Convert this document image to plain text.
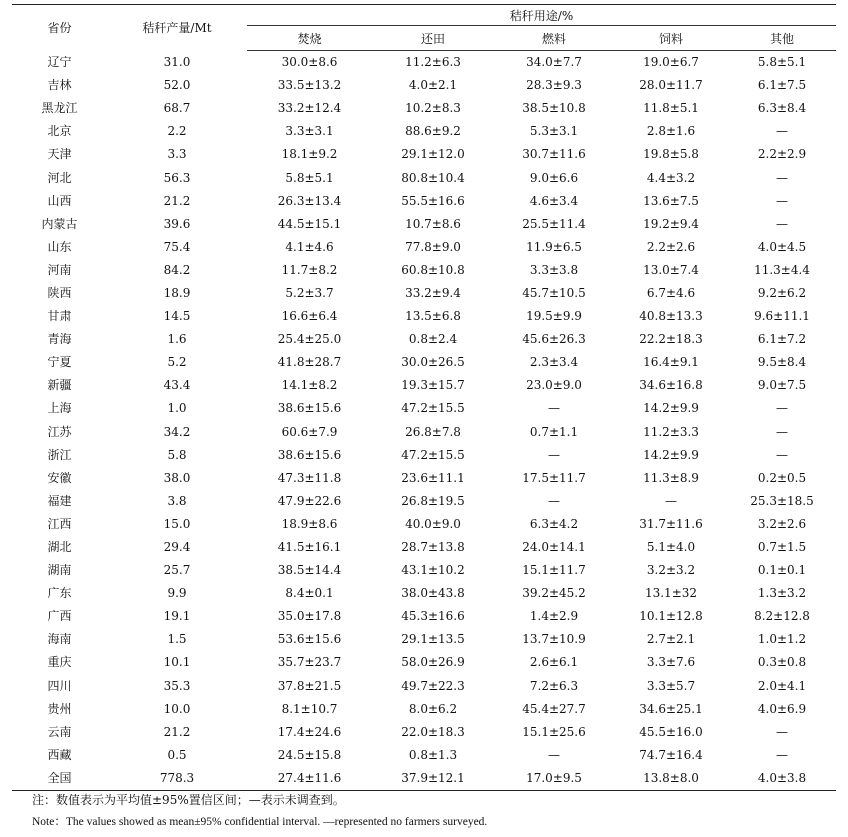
省份	秸秆产量/Mt	秸秆用途/%				
		焚烧	还田	燃料	饲料	其他
辽宁	31.0	30.0±8.6	11.2±6.3	34.0±7.7	19.0±6.7	5.8±5.1
吉林	52.0	33.5±13.2	4.0±2.1	28.3±9.3	28.0±11.7	6.1±7.5
黑龙江	68.7	33.2±12.4	10.2±8.3	38.5±10.8	11.8±5.1	6.3±8.4
北京	2.2	3.3±3.1	88.6±9.2	5.3±3.1	2.8±1.6	—
天津	3.3	18.1±9.2	29.1±12.0	30.7±11.6	19.8±5.8	2.2±2.9
河北	56.3	5.8±5.1	80.8±10.4	9.0±6.6	4.4±3.2	—
山西	21.2	26.3±13.4	55.5±16.6	4.6±3.4	13.6±7.5	—
内蒙古	39.6	44.5±15.1	10.7±8.6	25.5±11.4	19.2±9.4	—
山东	75.4	4.1±4.6	77.8±9.0	11.9±6.5	2.2±2.6	4.0±4.5
河南	84.2	11.7±8.2	60.8±10.8	3.3±3.8	13.0±7.4	11.3±4.4
陕西	18.9	5.2±3.7	33.2±9.4	45.7±10.5	6.7±4.6	9.2±6.2
甘肃	14.5	16.6±6.4	13.5±6.8	19.5±9.9	40.8±13.3	9.6±11.1
青海	1.6	25.4±25.0	0.8±2.4	45.6±26.3	22.2±18.3	6.1±7.2
宁夏	5.2	41.8±28.7	30.0±26.5	2.3±3.4	16.4±9.1	9.5±8.4
新疆	43.4	14.1±8.2	19.3±15.7	23.0±9.0	34.6±16.8	9.0±7.5
上海	1.0	38.6±15.6	47.2±15.5	—	14.2±9.9	—
江苏	34.2	60.6±7.9	26.8±7.8	0.7±1.1	11.2±3.3	—
浙江	5.8	38.6±15.6	47.2±15.5	—	14.2±9.9	—
安徽	38.0	47.3±11.8	23.6±11.1	17.5±11.7	11.3±8.9	0.2±0.5
福建	3.8	47.9±22.6	26.8±19.5	—	—	25.3±18.5
江西	15.0	18.9±8.6	40.0±9.0	6.3±4.2	31.7±11.6	3.2±2.6
湖北	29.4	41.5±16.1	28.7±13.8	24.0±14.1	5.1±4.0	0.7±1.5
湖南	25.7	38.5±14.4	43.1±10.2	15.1±11.7	3.2±3.2	0.1±0.1
广东	9.9	8.4±0.1	38.0±43.8	39.2±45.2	13.1±32	1.3±3.2
广西	19.1	35.0±17.8	45.3±16.6	1.4±2.9	10.1±12.8	8.2±12.8
海南	1.5	53.6±15.6	29.1±13.5	13.7±10.9	2.7±2.1	1.0±1.2
重庆	10.1	35.7±23.7	58.0±26.9	2.6±6.1	3.3±7.6	0.3±0.8
四川	35.3	37.8±21.5	49.7±22.3	7.2±6.3	3.3±5.7	2.0±4.1
贵州	10.0	8.1±10.7	8.0±6.2	45.4±27.7	34.6±25.1	4.0±6.9
云南	21.2	17.4±24.6	22.0±18.3	15.1±25.6	45.5±16.0	—
西藏	0.5	24.5±15.8	0.8±1.3	—	74.7±16.4	—
全国	778.3	27.4±11.6	37.9±12.1	17.0±9.5	13.8±8.0	4.0±3.8
注：数值表示为平均值±95%置信区间；—表示未调查到。
Note：The values showed as mean±95% confidential interval. —represented no farmers surveyed.
